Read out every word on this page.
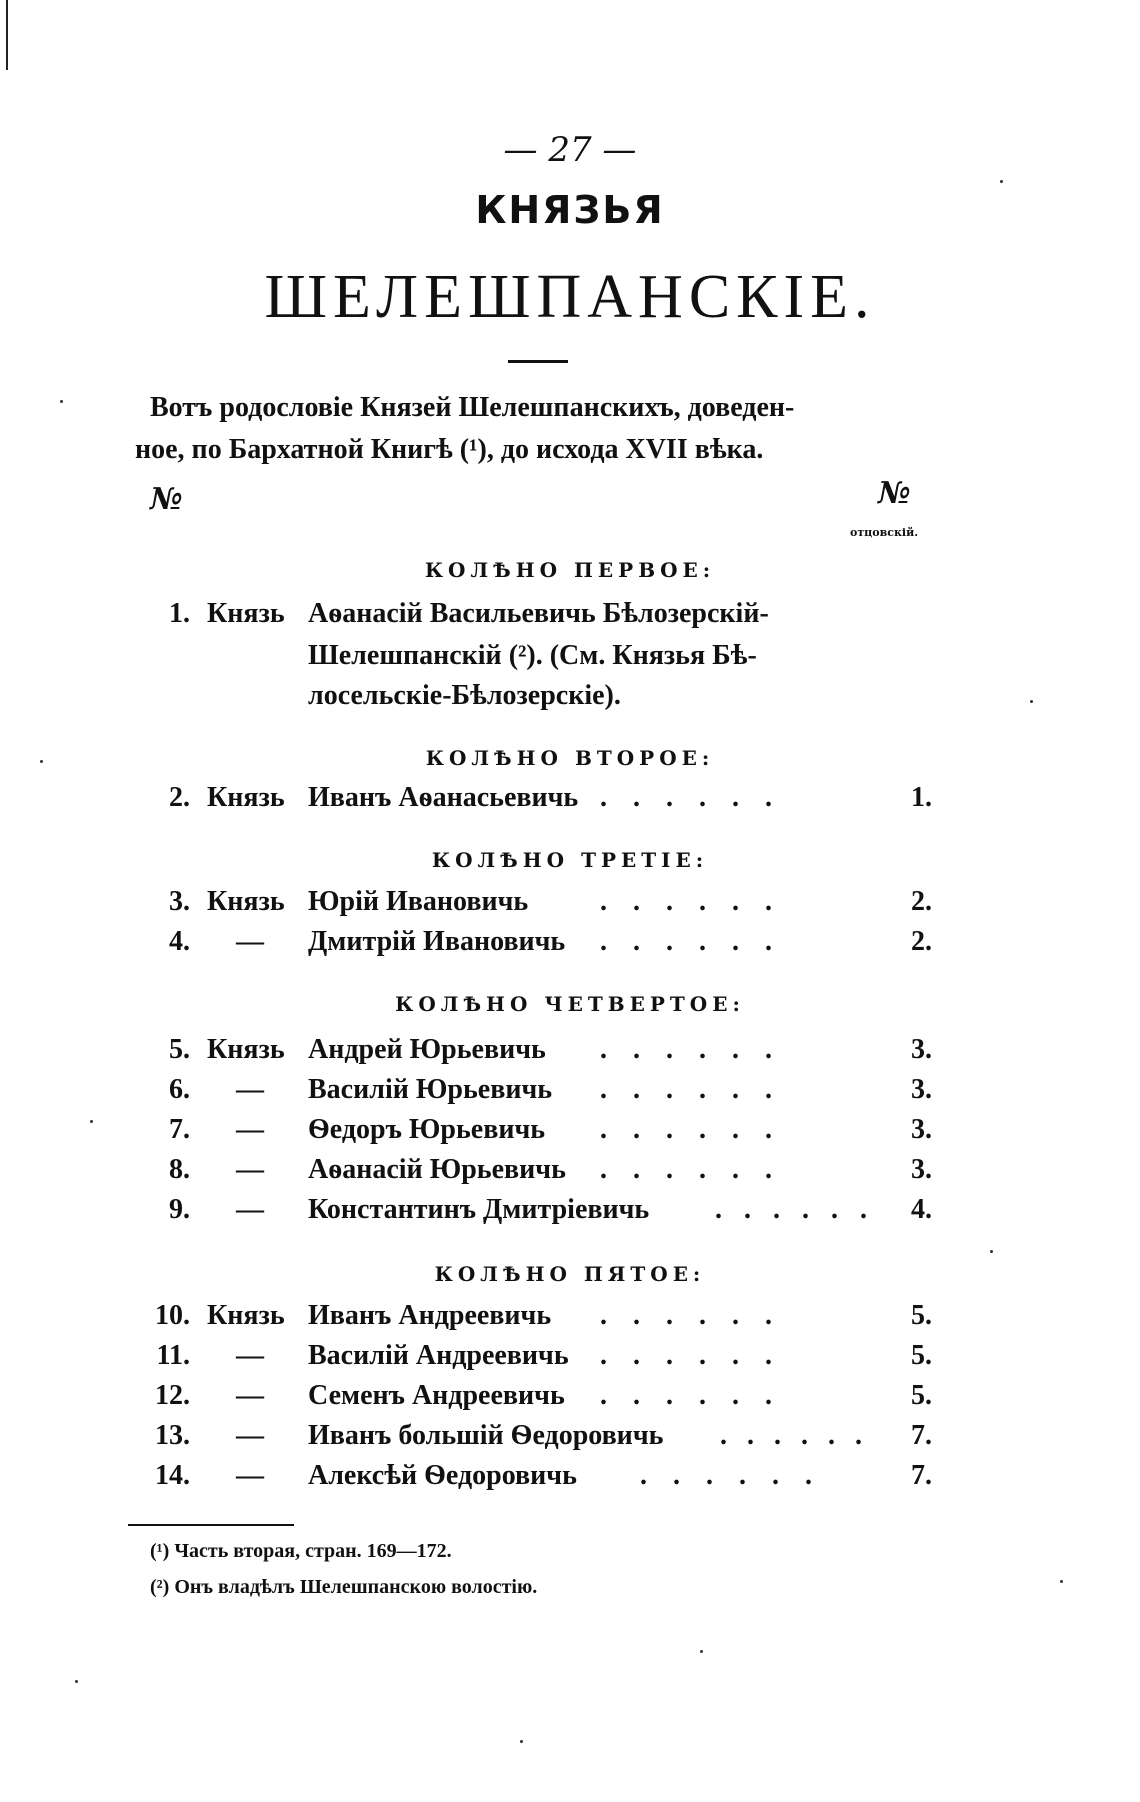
— 27 —
КНЯЗЬЯ
ШЕЛЕШПАНСКІЕ.
Вотъ родословіе Князей Шелешпанскихъ, доведен-
ное, по Бархатной Книгѣ (¹), до исхода XVII вѣка.
№	№
отцовскій.
КОЛѢНО ПЕРВОЕ:
1. Князь Аѳанасій Васильевичь Бѣлозерскій-
Шелешпанскій (²). (См. Князья Бѣ-
лосельскіе-Бѣлозерскіе).
КОЛѢНО ВТОРОЕ:
2. Князь Иванъ Аѳанасьевичь ......	1.
КОЛѢНО ТРЕТІЕ:
3. Князь Юрій Ивановичь	......	2.
4. — Дмитрій Ивановичь ......	2.
КОЛѢНО ЧЕТВЕРТОЕ:
5. Князь Андрей Юрьевичь ......	3.
6. — Василій Юрьевичь ......	3.
7. — Ѳедоръ Юрьевичь ......	3.
8. — Аѳанасій Юрьевичь ......	3.
9. — Константинъ Дмитріевичь ...... 4.
КОЛѢНО ПЯТОЕ:
10. Князь Иванъ Андреевичь ......	5.
11. — Василій Андреевичь ......	5.
12. — Семенъ Андреевичь ......	5.
13. — Иванъ большій Ѳедоровичь ......	7.
14. — Алексѣй Ѳедоровичь ......	7.
(¹) Часть вторая, стран. 169—172.
(²) Онъ владѣлъ Шелешпанскою волостію.
